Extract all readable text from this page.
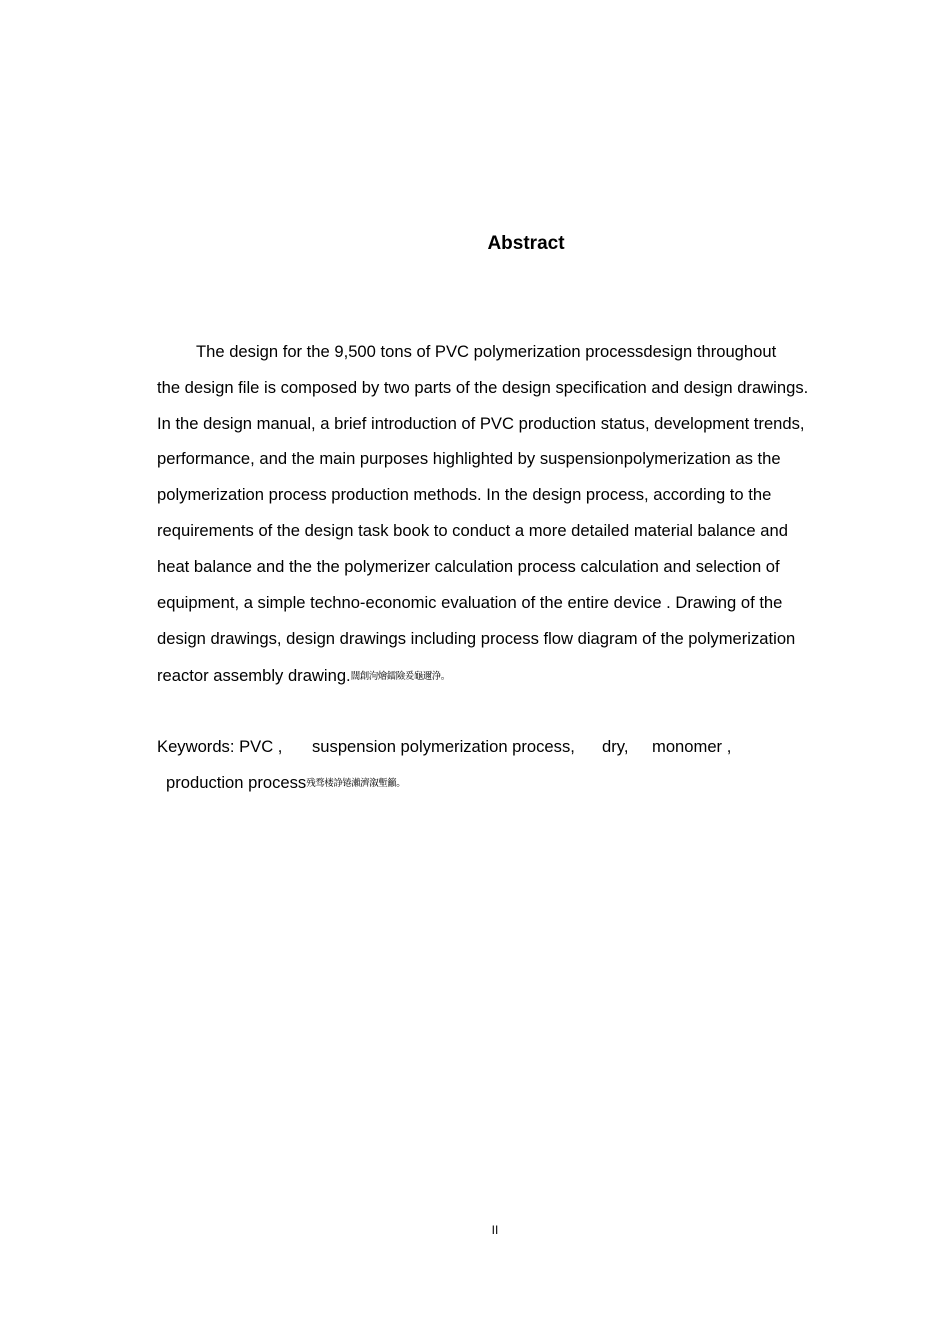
Abstract
The design for the 9,500 tons of PVC polymerization processdesign throughout
the design file is composed by two parts of the design specification and design drawings.
In the design manual, a brief introduction of PVC production status, development trends,
performance, and the main purposes highlighted by suspensionpolymerization as the
polymerization process production methods. In the design process, according to the
requirements of the design task book to conduct a more detailed material balance and
heat balance and the the polymerizer calculation process calculation and selection of
equipment, a simple techno-economic evaluation of the entire device . Drawing of the
design drawings, design drawings including process flow diagram of the polymerization
reactor assembly drawing.闊創泃燴鐳險爰龜邇浄。
Keywords: PVC , suspension polymerization process, dry, monomer ,
production process残骛楼諍锩瀨濟溆塹籲。
II
